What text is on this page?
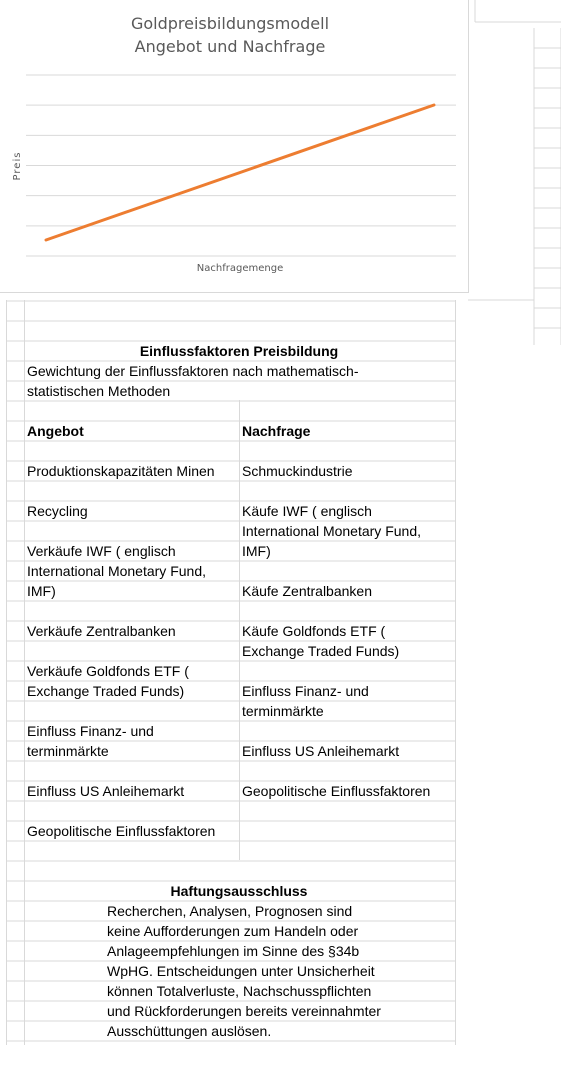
Goldpreisbildungsmodell
Angebot und Nachfrage
Preis
Nachfragemenge
Einflussfaktoren Preisbildung
Gewichtung der Einflussfaktoren nach mathematisch-
statistischen Methoden
Angebot	Nachfrage
Produktionskapazitäten Minen
Recycling
Verkäufe IWF ( englisch
International Monetary Fund,
IMF)
Verkäufe Zentralbanken
Verkäufe Goldfonds ETF (
Exchange Traded Funds)
Einfluss Finanz- und
terminmärkte
Einfluss US Anleihemarkt
Geopolitische Einflussfaktoren
Schmuckindustrie
Käufe IWF ( englisch
International Monetary Fund,
IMF)
Käufe Zentralbanken
Käufe Goldfonds ETF (
Exchange Traded Funds)
Einfluss Finanz- und
terminmärkte
Einfluss US Anleihemarkt
Geopolitische Einflussfaktoren
Haftungsausschluss
Recherchen, Analysen, Prognosen sind
keine Aufforderungen zum Handeln oder
Anlageempfehlungen im Sinne des §34b
WpHG. Entscheidungen unter Unsicherheit
können Totalverluste, Nachschusspflichten
und Rückforderungen bereits vereinnahmter
Ausschüttungen auslösen.
